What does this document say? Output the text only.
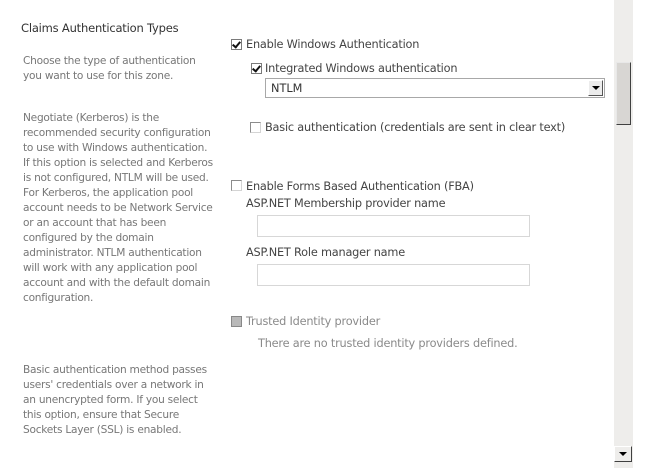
Claims Authentication Types
Choose the type of authentication you want to use for this zone.
Negotiate (Kerberos) is the recommended security configuration to use with Windows authentication. If this option is selected and Kerberos is not configured, NTLM will be used. For Kerberos, the application pool account needs to be Network Service or an account that has been configured by the domain administrator. NTLM authentication will work with any application pool account and with the default domain configuration.
Basic authentication method passes users' credentials over a network in an unencrypted form. If you select this option, ensure that Secure Sockets Layer (SSL) is enabled.
Enable Windows Authentication
Integrated Windows authentication
NTLM
Basic authentication (credentials are sent in clear text)
Enable Forms Based Authentication (FBA)
ASP.NET Membership provider name
ASP.NET Role manager name
Trusted Identity provider
There are no trusted identity providers defined.
